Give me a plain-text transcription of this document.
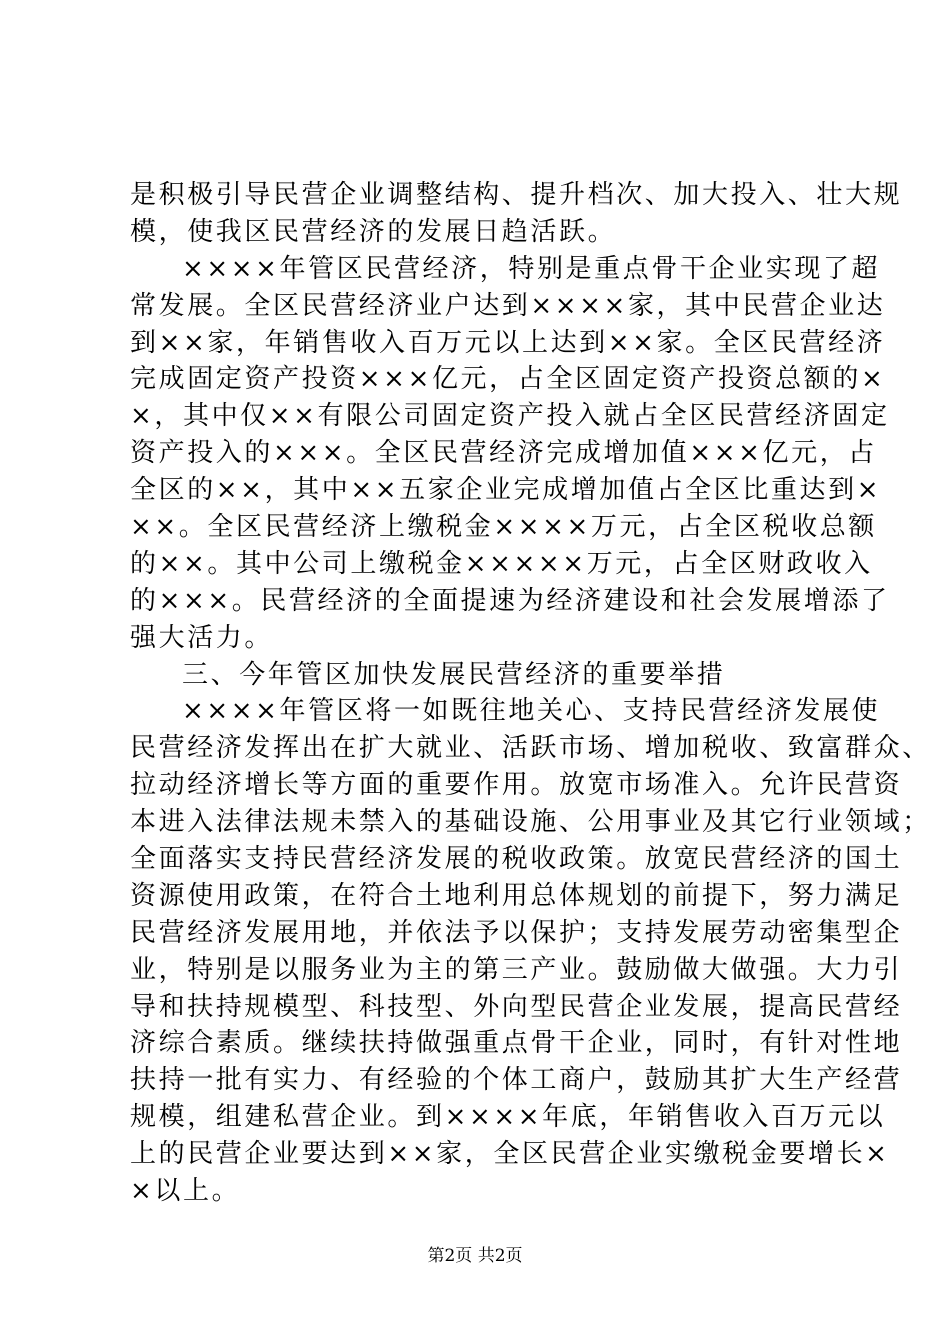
是积极引导民营企业调整结构、提升档次、加大投入、壮大规
模，使我区民营经济的发展日趋活跃。
××××年管区民营经济，特别是重点骨干企业实现了超
常发展。全区民营经济业户达到××××家，其中民营企业达
到××家，年销售收入百万元以上达到××家。全区民营经济
完成固定资产投资×××亿元，占全区固定资产投资总额的×
×，其中仅××有限公司固定资产投入就占全区民营经济固定
资产投入的×××。全区民营经济完成增加值×××亿元，占
全区的××，其中××五家企业完成增加值占全区比重达到×
××。全区民营经济上缴税金××××万元，占全区税收总额
的××。其中公司上缴税金×××××万元，占全区财政收入
的×××。民营经济的全面提速为经济建设和社会发展增添了
强大活力。
三、今年管区加快发展民营经济的重要举措
××××年管区将一如既往地关心、支持民营经济发展使
民营经济发挥出在扩大就业、活跃市场、增加税收、致富群众、
拉动经济增长等方面的重要作用。放宽市场准入。允许民营资
本进入法律法规未禁入的基础设施、公用事业及其它行业领域；
全面落实支持民营经济发展的税收政策。放宽民营经济的国土
资源使用政策，在符合土地利用总体规划的前提下，努力满足
民营经济发展用地，并依法予以保护；支持发展劳动密集型企
业，特别是以服务业为主的第三产业。鼓励做大做强。大力引
导和扶持规模型、科技型、外向型民营企业发展，提高民营经
济综合素质。继续扶持做强重点骨干企业，同时，有针对性地
扶持一批有实力、有经验的个体工商户，鼓励其扩大生产经营
规模，组建私营企业。到××××年底，年销售收入百万元以
上的民营企业要达到××家，全区民营企业实缴税金要增长×
×以上。
第2页 共2页
